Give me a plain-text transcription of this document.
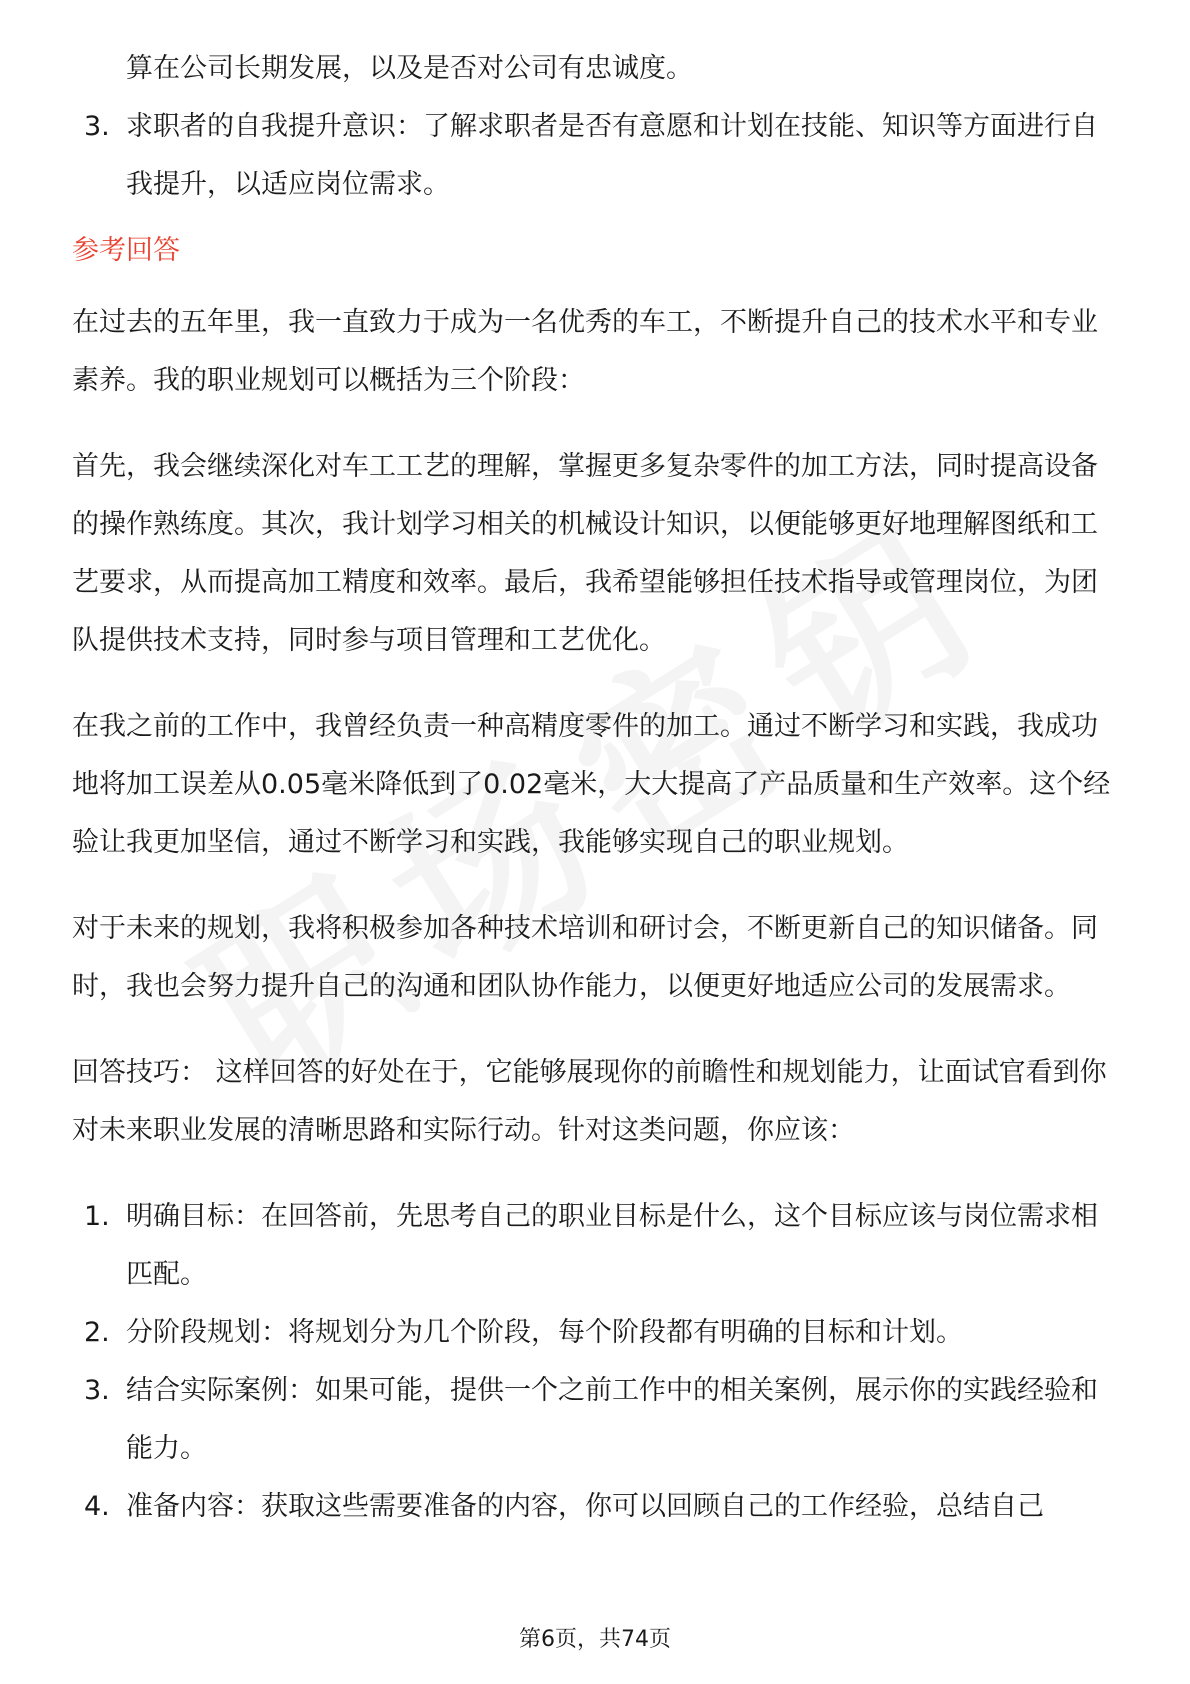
算在公司长期发展，以及是否对公司有忠诚度。
3. 求职者的自我提升意识：了解求职者是否有意愿和计划在技能、知识等方面进行自我提升，以适应岗位需求。
参考回答

在过去的五年里，我一直致力于成为一名优秀的车工，不断提升自己的技术水平和专业素养。我的职业规划可以概括为三个阶段：

首先，我会继续深化对车工工艺的理解，掌握更多复杂零件的加工方法，同时提高设备的操作熟练度。其次，我计划学习相关的机械设计知识，以便能够更好地理解图纸和工艺要求，从而提高加工精度和效率。最后，我希望能够担任技术指导或管理岗位，为团队提供技术支持，同时参与项目管理和工艺优化。

在我之前的工作中，我曾经负责一种高精度零件的加工。通过不断学习和实践，我成功地将加工误差从0.05毫米降低到了0.02毫米，大大提高了产品质量和生产效率。这个经验让我更加坚信，通过不断学习和实践，我能够实现自己的职业规划。

对于未来的规划，我将积极参加各种技术培训和研讨会，不断更新自己的知识储备。同时，我也会努力提升自己的沟通和团队协作能力，以便更好地适应公司的发展需求。

回答技巧： 这样回答的好处在于，它能够展现你的前瞻性和规划能力，让面试官看到你对未来职业发展的清晰思路和实际行动。针对这类问题，你应该：

1. 明确目标：在回答前，先思考自己的职业目标是什么，这个目标应该与岗位需求相匹配。
2. 分阶段规划：将规划分为几个阶段，每个阶段都有明确的目标和计划。
3. 结合实际案例：如果可能，提供一个之前工作中的相关案例，展示你的实践经验和能力。
4. 准备内容：获取这些需要准备的内容，你可以回顾自己的工作经验，总结自己
第6页，共74页
